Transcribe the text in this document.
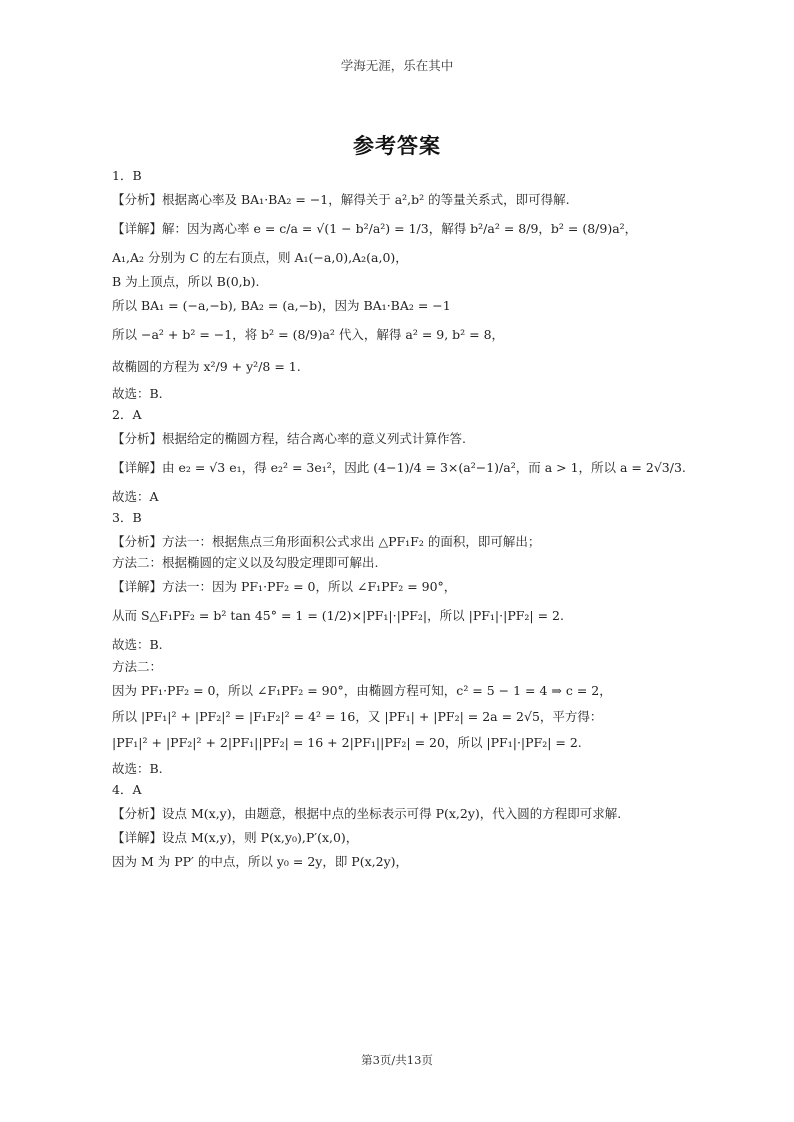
学海无涯，乐在其中
参考答案

1．B

【分析】根据离心率及 BA₁·BA₂ = −1，解得关于 a²,b² 的等量关系式，即可得解.

【详解】解：因为离心率 e = c/a = √(1 − b²/a²) = 1/3，解得 b²/a² = 8/9，b² = (8/9)a²，

A₁,A₂ 分别为 C 的左右顶点，则 A₁(−a,0),A₂(a,0)，

B 为上顶点，所以 B(0,b).

所以 BA₁ = (−a,−b), BA₂ = (a,−b)，因为 BA₁·BA₂ = −1

所以 −a² + b² = −1，将 b² = (8/9)a² 代入，解得 a² = 9, b² = 8，

故椭圆的方程为 x²/9 + y²/8 = 1.

故选：B.

2．A

【分析】根据给定的椭圆方程，结合离心率的意义列式计算作答.

【详解】由 e₂ = √3 e₁，得 e₂² = 3e₁²，因此 (4−1)/4 = 3×(a²−1)/a²，而 a > 1，所以 a = 2√3/3.

故选：A

3．B

【分析】方法一：根据焦点三角形面积公式求出 △PF₁F₂ 的面积，即可解出；

方法二：根据椭圆的定义以及勾股定理即可解出.

【详解】方法一：因为 PF₁·PF₂ = 0，所以 ∠F₁PF₂ = 90°，

从而 S△F₁PF₂ = b² tan 45° = 1 = (1/2)×|PF₁|·|PF₂|，所以 |PF₁|·|PF₂| = 2.

故选：B.

方法二：

因为 PF₁·PF₂ = 0，所以 ∠F₁PF₂ = 90°，由椭圆方程可知，c² = 5 − 1 = 4 ⇒ c = 2，

所以 |PF₁|² + |PF₂|² = |F₁F₂|² = 4² = 16，又 |PF₁| + |PF₂| = 2a = 2√5，平方得：

|PF₁|² + |PF₂|² + 2|PF₁||PF₂| = 16 + 2|PF₁||PF₂| = 20，所以 |PF₁|·|PF₂| = 2.

故选：B.

4．A

【分析】设点 M(x,y)，由题意，根据中点的坐标表示可得 P(x,2y)，代入圆的方程即可求解.

【详解】设点 M(x,y)，则 P(x,y₀),P′(x,0)，

因为 M 为 PP′ 的中点，所以 y₀ = 2y，即 P(x,2y)，

第3页/共13页
